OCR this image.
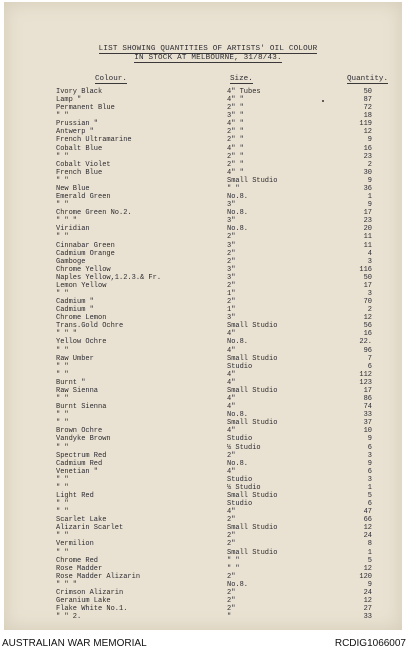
LIST SHOWING QUANTITIES OF ARTISTS' OIL COLOUR
IN STOCK AT MELBOURNE, 31/8/43.
Colour.	Size.	Quantity.
Ivory Black	4" Tubes	50
Lamp "	4" "	87
Permanent Blue	2" "	72
" "	3" "	18
Prussian "	4" "	119
Antwerp "	2" "	12
French Ultramarine	2" "	9
Cobalt Blue	4" "	16
" "	2" "	23
Cobalt Violet	2" "	2
French Blue	4" "	30
" "	Small Studio	9
New Blue	" "	36
Emerald Green	No.8.	1
" "	3"	9
Chrome Green No.2.	No.8.	17
" " "	3"	23
Viridian	No.8.	20
" "	2"	11
Cinnabar Green	3"	11
Cadmium Orange	2"	4
Gamboge	2"	3
Chrome Yellow	3"	116
Naples Yellow,1.2.3.& Fr.	3"	50
Lemon Yellow	2"	17
" "	1"	3
Cadmium "	2"	70
Cadmium "	1"	2
Chrome Lemon	3"	12
Trans.Gold Ochre	Small Studio	56
" " "	4"	16
Yellow Ochre	No.8.	22.
" "	4"	96
Raw Umber	Small Studio	7
" "	Studio	6
" "	4"	112
Burnt "	4"	123
Raw Sienna	Small Studio	17
" "	4"	86
Burnt Sienna	4"	74
" "	No.8.	33
" "	Small Studio	37
Brown Ochre	4"	10
Vandyke Brown	Studio	9
" "	½ Studio	6
Spectrum Red	2"	3
Cadmium Red	No.8.	9
Venetian "	4"	6
" "	Studio	3
" "	½ Studio	1
Light Red	Small Studio	5
" "	Studio	6
" "	4"	47
Scarlet Lake	2"	66
Alizarin Scarlet	Small Studio	12
" "	2"	24
Vermilion	2"	8
" "	Small Studio	1
Chrome Red	" "	5
Rose Madder	" "	12
Rose Madder Alizarin	2"	120
" " "	No.8.	9
Crimson Alizarin	2"	24
Geranium Lake	2"	12
Flake White No.1.	2"	27
" " 2.	"	33
AUSTRALIAN WAR MEMORIAL	RCDIG1066007
